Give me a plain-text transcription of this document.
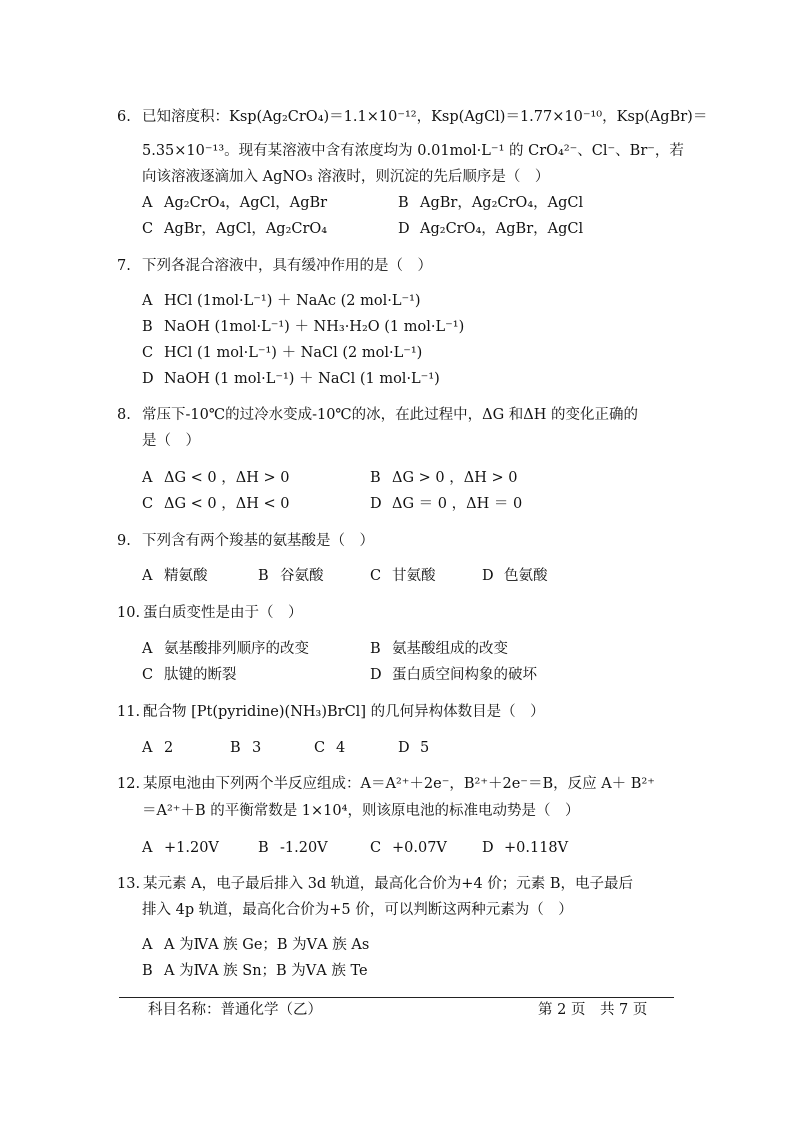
6. 已知溶度积：Ksp(Ag₂CrO₄)＝1.1×10⁻¹²，Ksp(AgCl)＝1.77×10⁻¹⁰，Ksp(AgBr)＝
5.35×10⁻¹³。现有某溶液中含有浓度均为 0.01mol·L⁻¹ 的 CrO₄²⁻、Cl⁻、Br⁻，若
向该溶液逐滴加入 AgNO₃ 溶液时，则沉淀的先后顺序是（　）
A Ag₂CrO₄，AgCl，AgBr	B AgBr，Ag₂CrO₄，AgCl
C AgBr，AgCl，Ag₂CrO₄	D Ag₂CrO₄，AgBr，AgCl
7. 下列各混合溶液中，具有缓冲作用的是（　）
A HCl (1mol·L⁻¹) ＋ NaAc (2 mol·L⁻¹)
B NaOH (1mol·L⁻¹) ＋ NH₃·H₂O (1 mol·L⁻¹)
C HCl (1 mol·L⁻¹) ＋ NaCl (2 mol·L⁻¹)
D NaOH (1 mol·L⁻¹) ＋ NaCl (1 mol·L⁻¹)
8. 常压下-10℃的过冷水变成-10℃的冰，在此过程中，ΔG 和ΔH 的变化正确的
是（　）
A ΔG < 0 ，ΔH > 0	B ΔG > 0 ，ΔH > 0
C ΔG < 0 ，ΔH < 0	D ΔG ＝ 0 ，ΔH ＝ 0
9. 下列含有两个羧基的氨基酸是（　）
A 精氨酸	B 谷氨酸	C 甘氨酸	D 色氨酸
10. 蛋白质变性是由于（　）
A 氨基酸排列顺序的改变	B 氨基酸组成的改变
C 肽键的断裂	D 蛋白质空间构象的破坏
11. 配合物 [Pt(pyridine)(NH₃)BrCl] 的几何异构体数目是（　）
A 2	B 3	C 4	D 5
12. 某原电池由下列两个半反应组成：A＝A²⁺＋2e⁻，B²⁺＋2e⁻＝B，反应 A＋ B²⁺
＝A²⁺＋B 的平衡常数是 1×10⁴，则该原电池的标准电动势是（　）
A +1.20V	B -1.20V	C +0.07V D +0.118V
13. 某元素 A，电子最后排入 3d 轨道，最高化合价为+4 价；元素 B，电子最后
排入 4p 轨道，最高化合价为+5 价，可以判断这两种元素为（　）
A A 为ⅣA 族 Ge；B 为ⅤA 族 As
B A 为ⅣA 族 Sn；B 为ⅤA 族 Te
科目名称：普通化学（乙）	第 2 页　共 7 页
